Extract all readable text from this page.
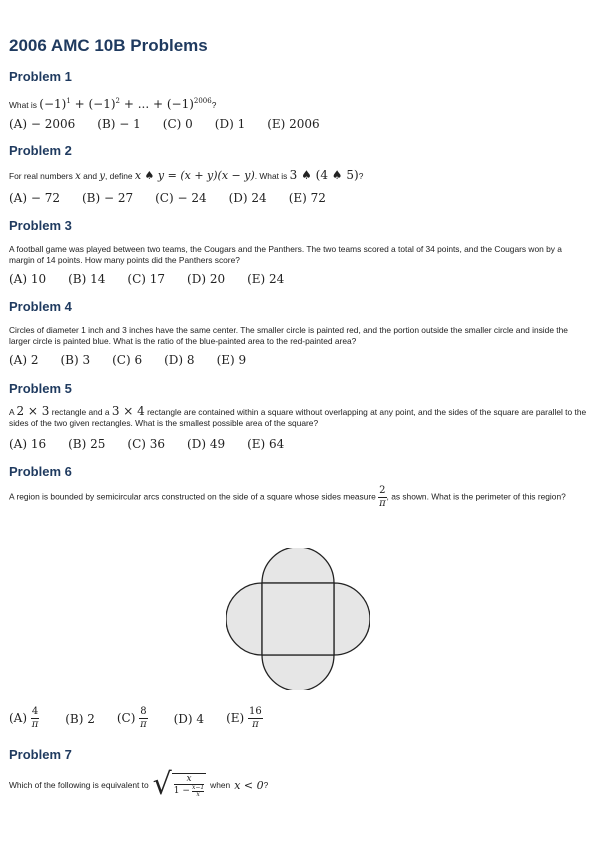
2006 AMC 10B Problems
Problem 1
What is $(-1)^1 + (-1)^2$ + ... + $(-1)^{2006}$?
(A) − 2006 (B) − 1 (C) 0 (D) 1 (E) 2006
Problem 2
For real numbers x and y, define x ♠ y = (x + y)(x − y). What is 3 ♠ (4 ♠ 5)?
(A) − 72 (B) − 27 (C) − 24 (D) 24 (E) 72
Problem 3
A football game was played between two teams, the Cougars and the Panthers. The two teams scored a total of 34 points, and the Cougars won by a margin of 14 points. How many points did the Panthers score?
(A) 10 (B) 14 (C) 17 (D) 20 (E) 24
Problem 4
Circles of diameter 1 inch and 3 inches have the same center. The smaller circle is painted red, and the portion outside the smaller circle and inside the larger circle is painted blue. What is the ratio of the blue-painted area to the red-painted area?
(A) 2 (B) 3 (C) 6 (D) 8 (E) 9
Problem 5
A 2 × 3 rectangle and a 3 × 4 rectangle are contained within a square without overlapping at any point, and the sides of the square are parallel to the sides of the two given rectangles. What is the smallest possible area of the square?
(A) 16 (B) 25 (C) 36 (D) 49 (E) 64
Problem 6
A region is bounded by semicircular arcs constructed on the side of a square whose sides measure $\frac{2}{\pi}$ , as shown. What is the perimeter of this region?
$(A) \frac{4}{\pi} (B)$ 2 $(C) \frac{8}{\pi} (D)$ 4 $(E) \frac{16}{\pi}$
Problem 7
Which of the following is equivalent to √	x
$1 - \frac{x-1}{x}$ when x < 0 ?
